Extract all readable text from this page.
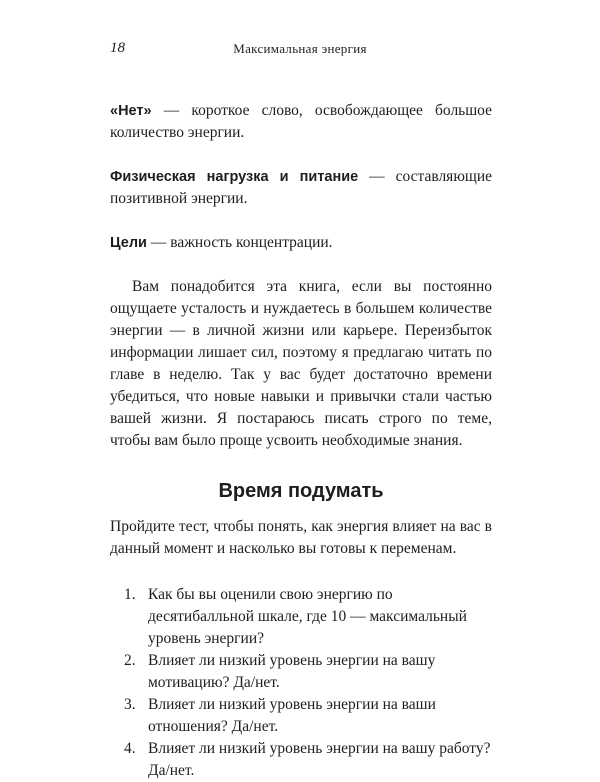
18	Максимальная энергия

«Нет» — короткое слово, освобождающее большое количество энергии.

Физическая нагрузка и питание — составляющие позитивной энергии.

Цели — важность концентрации.

Вам понадобится эта книга, если вы постоянно ощущаете усталость и нуждаетесь в большем количестве энергии — в личной жизни или карьере. Переизбыток информации лишает сил, поэтому я предлагаю читать по главе в неделю. Так у вас будет достаточно времени убедиться, что новые навыки и привычки стали частью вашей жизни. Я постараюсь писать строго по теме, чтобы вам было проще усвоить необходимые знания.

Время подумать

Пройдите тест, чтобы понять, как энергия влияет на вас в данный момент и насколько вы готовы к переменам.

1. Как бы вы оценили свою энергию по десятибалльной шкале, где 10 — максимальный уровень энергии?
2. Влияет ли низкий уровень энергии на вашу мотивацию? Да/нет.
3. Влияет ли низкий уровень энергии на ваши отношения? Да/нет.
4. Влияет ли низкий уровень энергии на вашу работу? Да/нет.
